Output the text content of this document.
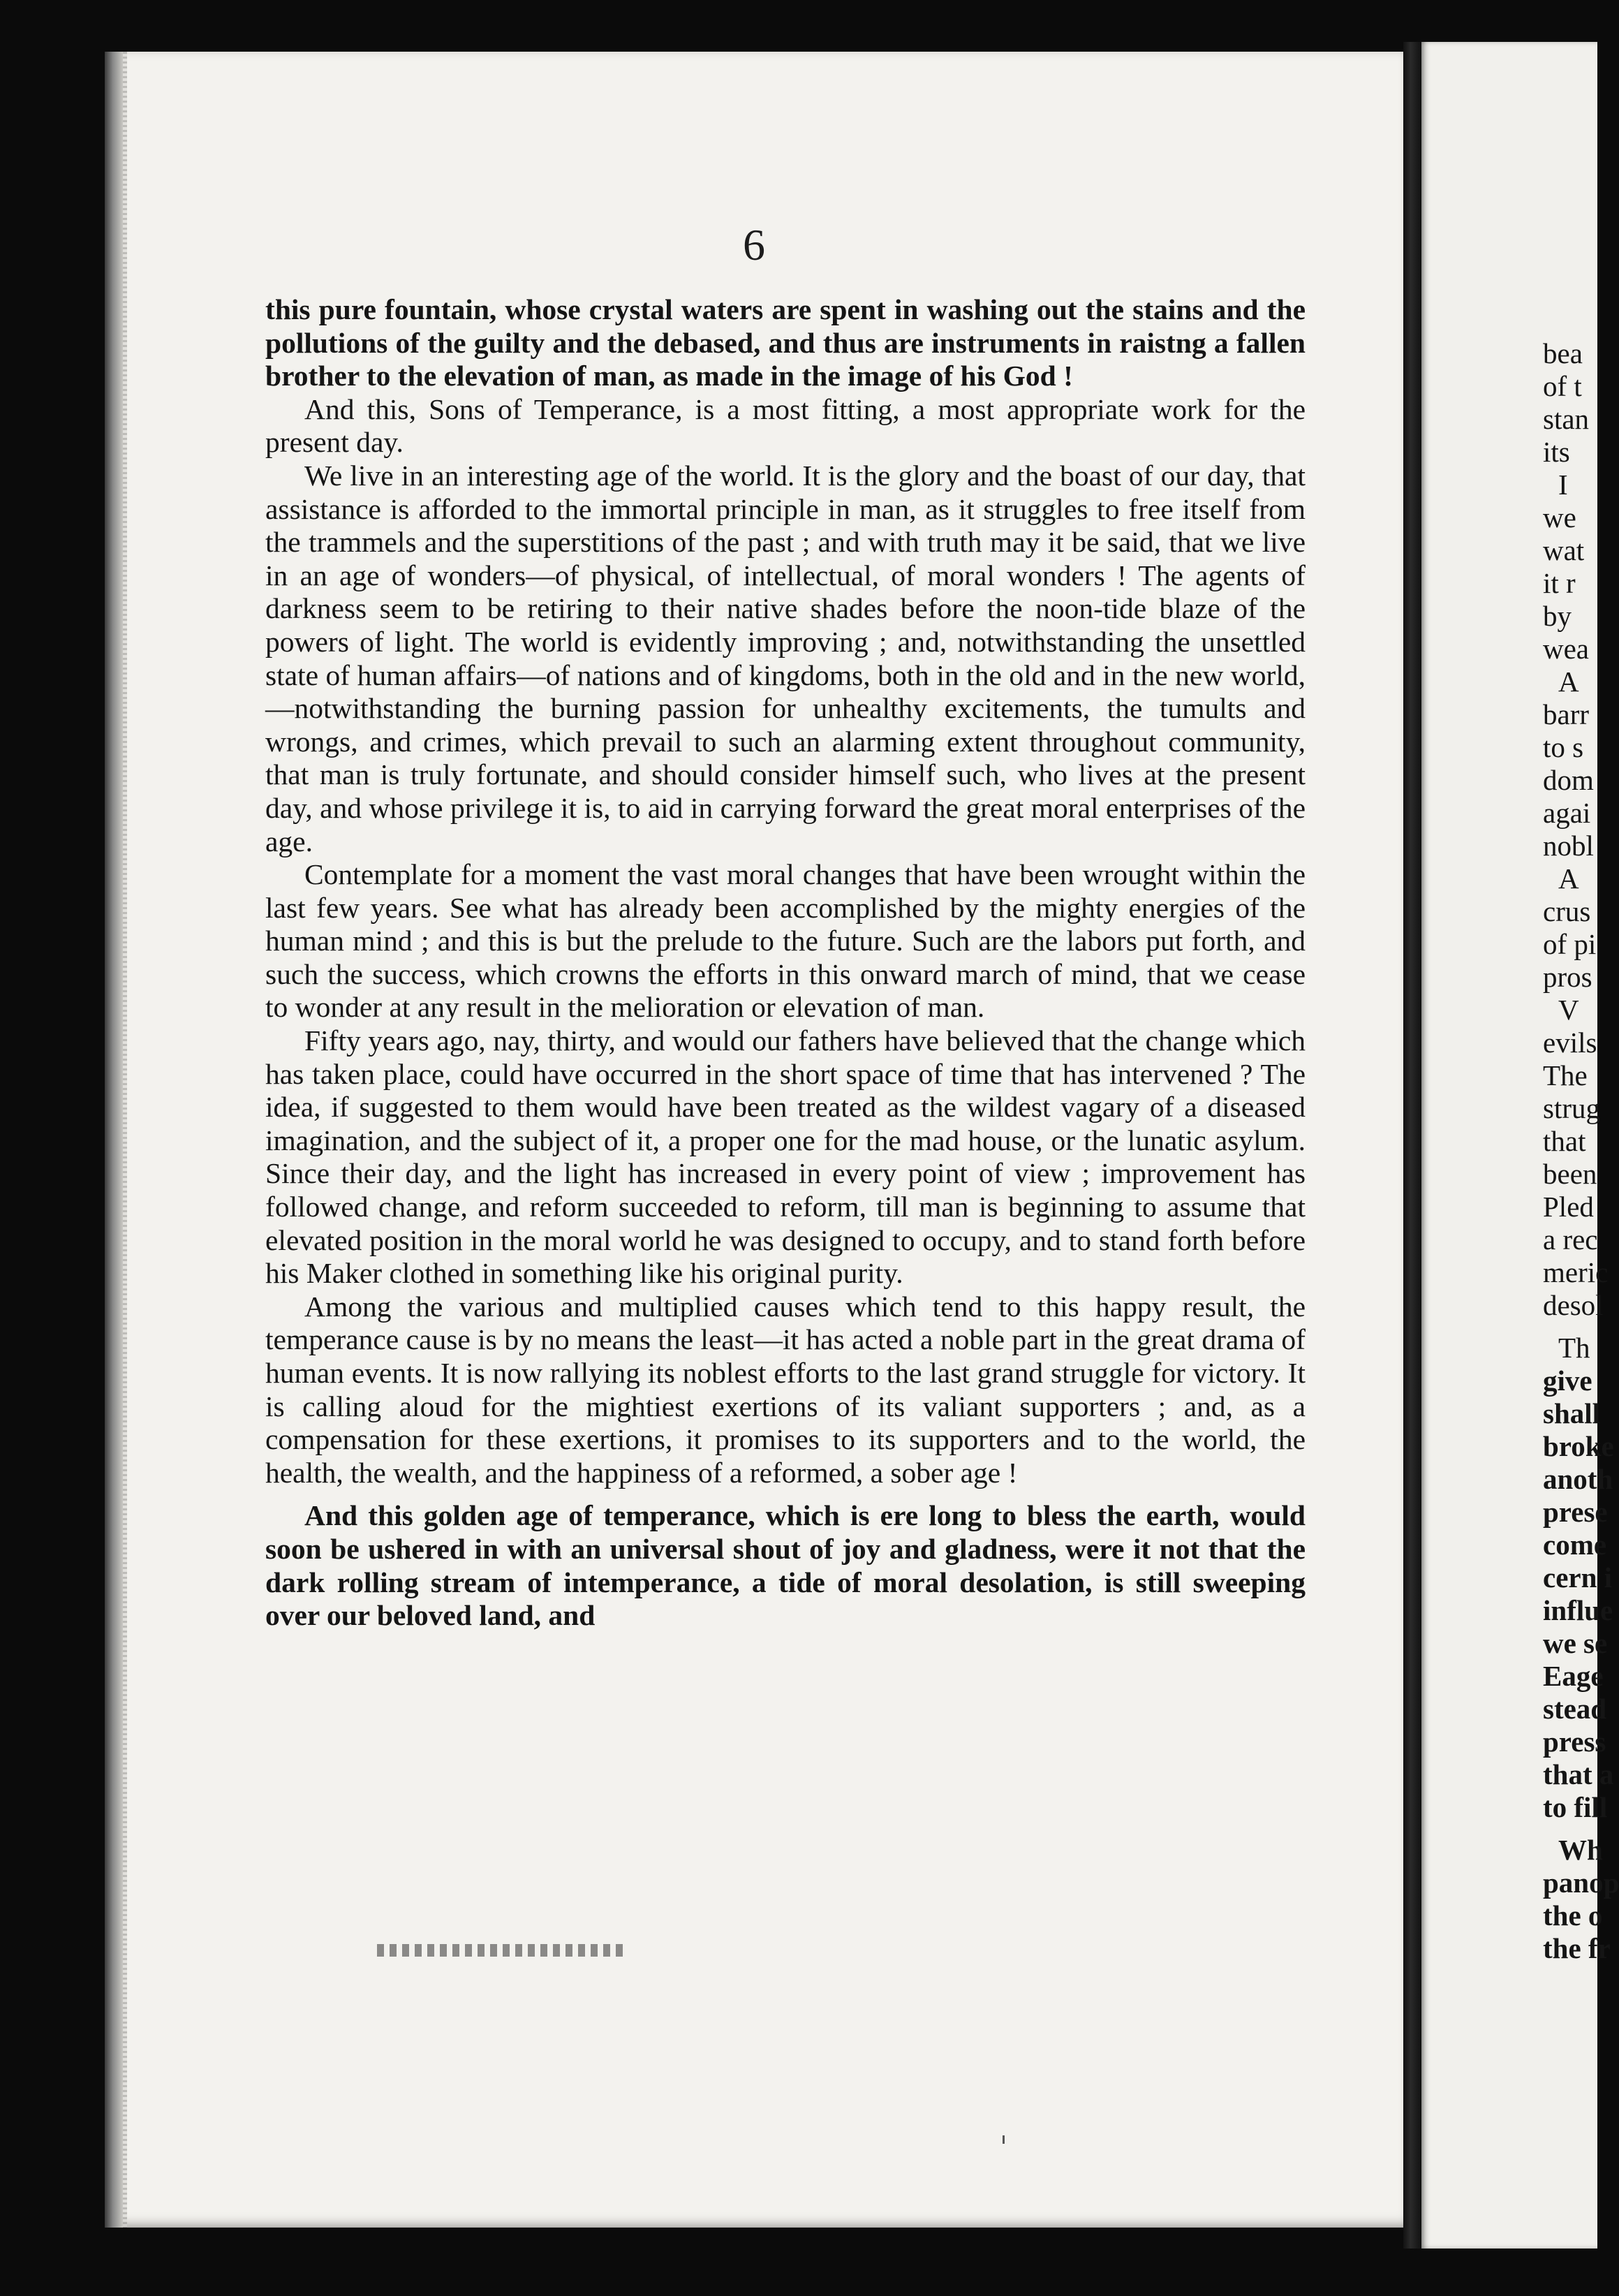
6

this pure fountain, whose crystal waters are spent in washing out the stains and the pollutions of the guilty and the debased, and thus are instruments in raistng a fallen brother to the elevation of man, as made in the image of his God !

And this, Sons of Temperance, is a most fitting, a most appropriate work for the present day.

We live in an interesting age of the world. It is the glory and the boast of our day, that assistance is afforded to the immortal principle in man, as it struggles to free itself from the trammels and the superstitions of the past ; and with truth may it be said, that we live in an age of wonders—of physical, of intellectual, of moral wonders ! The agents of darkness seem to be retiring to their native shades before the noon-tide blaze of the powers of light. The world is evidently improving ; and, notwithstanding the unsettled state of human affairs—of nations and of kingdoms, both in the old and in the new world,—notwithstanding the burning passion for unhealthy excitements, the tumults and wrongs, and crimes, which prevail to such an alarming extent throughout community, that man is truly fortunate, and should consider himself such, who lives at the present day, and whose privilege it is, to aid in carrying forward the great moral enterprises of the age.

Contemplate for a moment the vast moral changes that have been wrought within the last few years. See what has already been accomplished by the mighty energies of the human mind ; and this is but the prelude to the future. Such are the labors put forth, and such the success, which crowns the efforts in this onward march of mind, that we cease to wonder at any result in the melioration or elevation of man.

Fifty years ago, nay, thirty, and would our fathers have believed that the change which has taken place, could have occurred in the short space of time that has intervened ? The idea, if suggested to them would have been treated as the wildest vagary of a diseased imagination, and the subject of it, a proper one for the mad house, or the lunatic asylum. Since their day, and the light has increased in every point of view ; improvement has followed change, and reform succeeded to reform, till man is beginning to assume that elevated position in the moral world he was designed to occupy, and to stand forth before his Maker clothed in something like his original purity.

Among the various and multiplied causes which tend to this happy result, the temperance cause is by no means the least—it has acted a noble part in the great drama of human events. It is now rallying its noblest efforts to the last grand struggle for victory. It is calling aloud for the mightiest exertions of its valiant supporters ; and, as a compensation for these exertions, it promises to its supporters and to the world, the health, the wealth, and the happiness of a reformed, a sober age !

And this golden age of temperance, which is ere long to bless the earth, would soon be ushered in with an universal shout of joy and gladness, were it not that the dark rolling stream of intemperance, a tide of moral desolation, is still sweeping over our beloved land, and

bea
of t
stan
its
I
we
wat
it r
by
wea
A
barr
to s
dom
agai
nobl
A
crus
of pi
pros
V
evils
The
strug
that
been
Pled
a rec
meric
desol
Th
give
shall
broke
anoth
prese
come
cern i
influe
we se
Eage
stead
press
that a
to fill
Wh
panop
the o
the fr
